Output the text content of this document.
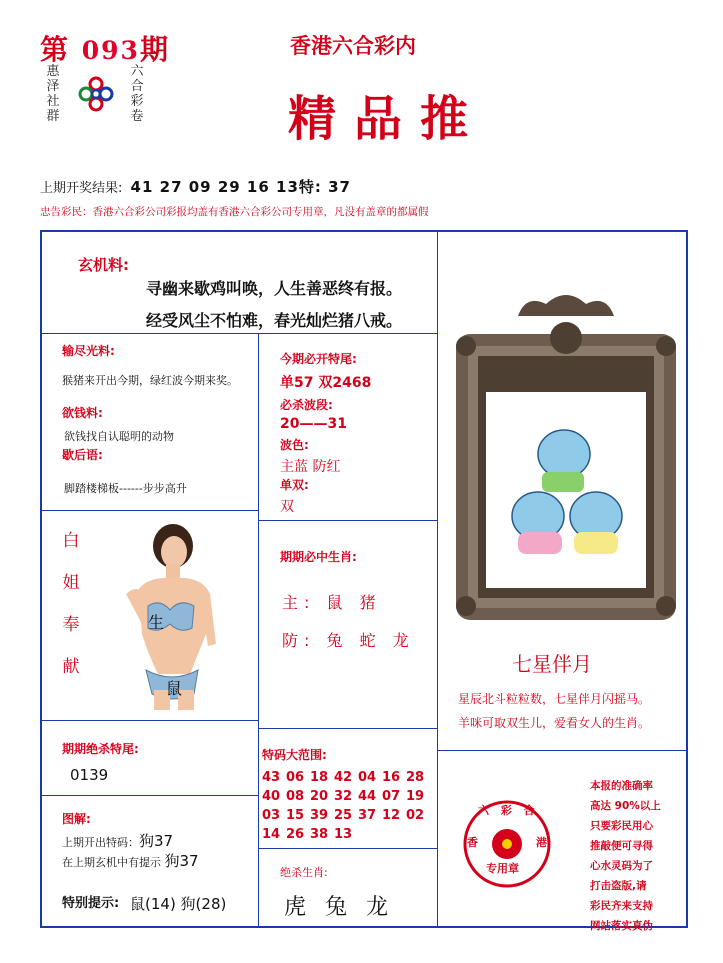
第 093期
惠
泽
社
群
六
合
彩
卷
香港六合彩内
精品推
上期开奖结果: 41 27 09 29 16 13特: 37
忠告彩民：香港六合彩公司彩报均盖有香港六合彩公司专用章，凡没有盖章的都属假
玄机料:
寻幽来歇鸡叫唤，人生善恶终有报。
经受风尘不怕难，春光灿烂猪八戒。
输尽光料:
猴猪来开出今期，绿红波今期来奖。
欲钱料:
欲钱找自认聪明的动物
歇后语:
脚踏楼梯板------步步高升
白
姐
奉
献
生
鼠
期期绝杀特尾:
0139
图解:
上期开出特码：狗37
在上期玄机中有提示 狗37
特别提示: 鼠(14) 狗(28)
今期必开特尾:
单57 双2468
必杀波段:
20——31
波色:
主蓝 防红
单双:
双
期期必中生肖:
主: 鼠 猪
防: 兔 蛇 龙
特码大范围:
43 06 18 42 04 16 28
40 08 20 32 44 07 19
03 15 39 25 37 12 02
14 26 38 13
绝杀生肖:
虎 兔 龙
七星伴月
星辰北斗粒粒数，七星伴月闪摇马。
羊咪可取双生儿，爱看女人的生肖。
六 彩 合
香	港
专用章
本报的准确率
高达 90%以上
只要彩民用心
推敲便可寻得
心水灵码为了
打击盗版,请
彩民齐来支持
网站落实真伪
